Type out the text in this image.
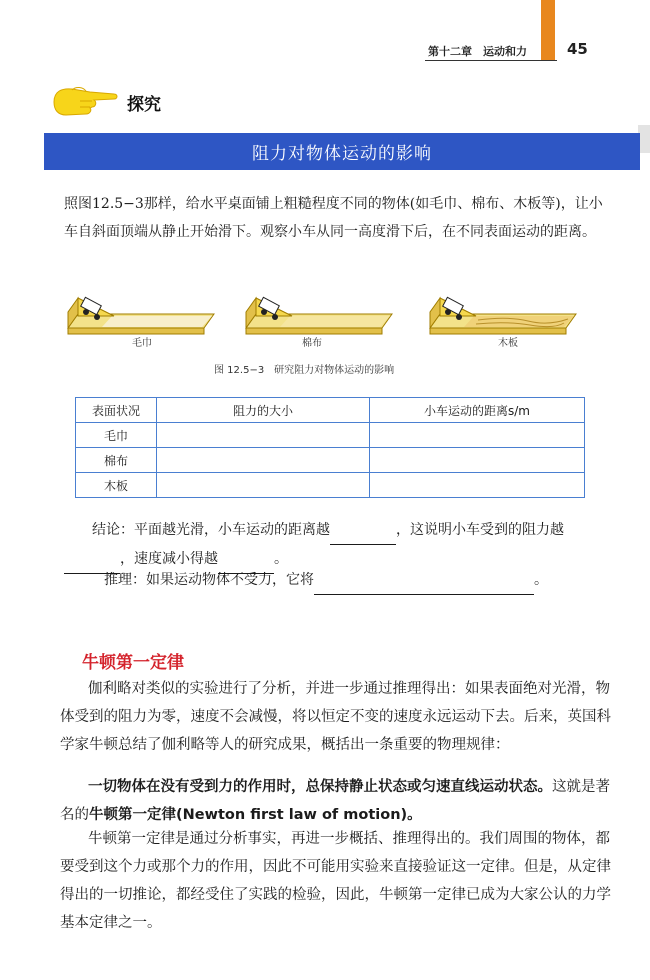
第十二章　运动和力	45
探究
阻力对物体运动的影响
照图12.5−3那样，给水平桌面铺上粗糙程度不同的物体(如毛巾、棉布、木板等)，让小车自斜面顶端从静止开始滑下。观察小车从同一高度滑下后，在不同表面运动的距离。
毛巾	棉布	木板
图 12.5−3　研究阻力对物体运动的影响
表面状况	阻力的大小	小车运动的距离s/m
毛巾		
棉布		
木板		
结论：平面越光滑，小车运动的距离越	，这说明小车受到的阻力越 ，速度减小得越	。
推理：如果运动物体不受力，它将	。
牛顿第一定律
伽利略对类似的实验进行了分析，并进一步通过推理得出：如果表面绝对光滑，物体受到的阻力为零，速度不会减慢，将以恒定不变的速度永远运动下去。后来，英国科学家牛顿总结了伽利略等人的研究成果，概括出一条重要的物理规律：
一切物体在没有受到力的作用时，总保持静止状态或匀速直线运动状态。这就是著名的牛顿第一定律(Newton first law of motion)。
牛顿第一定律是通过分析事实，再进一步概括、推理得出的。我们周围的物体，都要受到这个力或那个力的作用，因此不可能用实验来直接验证这一定律。但是，从定律得出的一切推论，都经受住了实践的检验，因此，牛顿第一定律已成为大家公认的力学基本定律之一。
